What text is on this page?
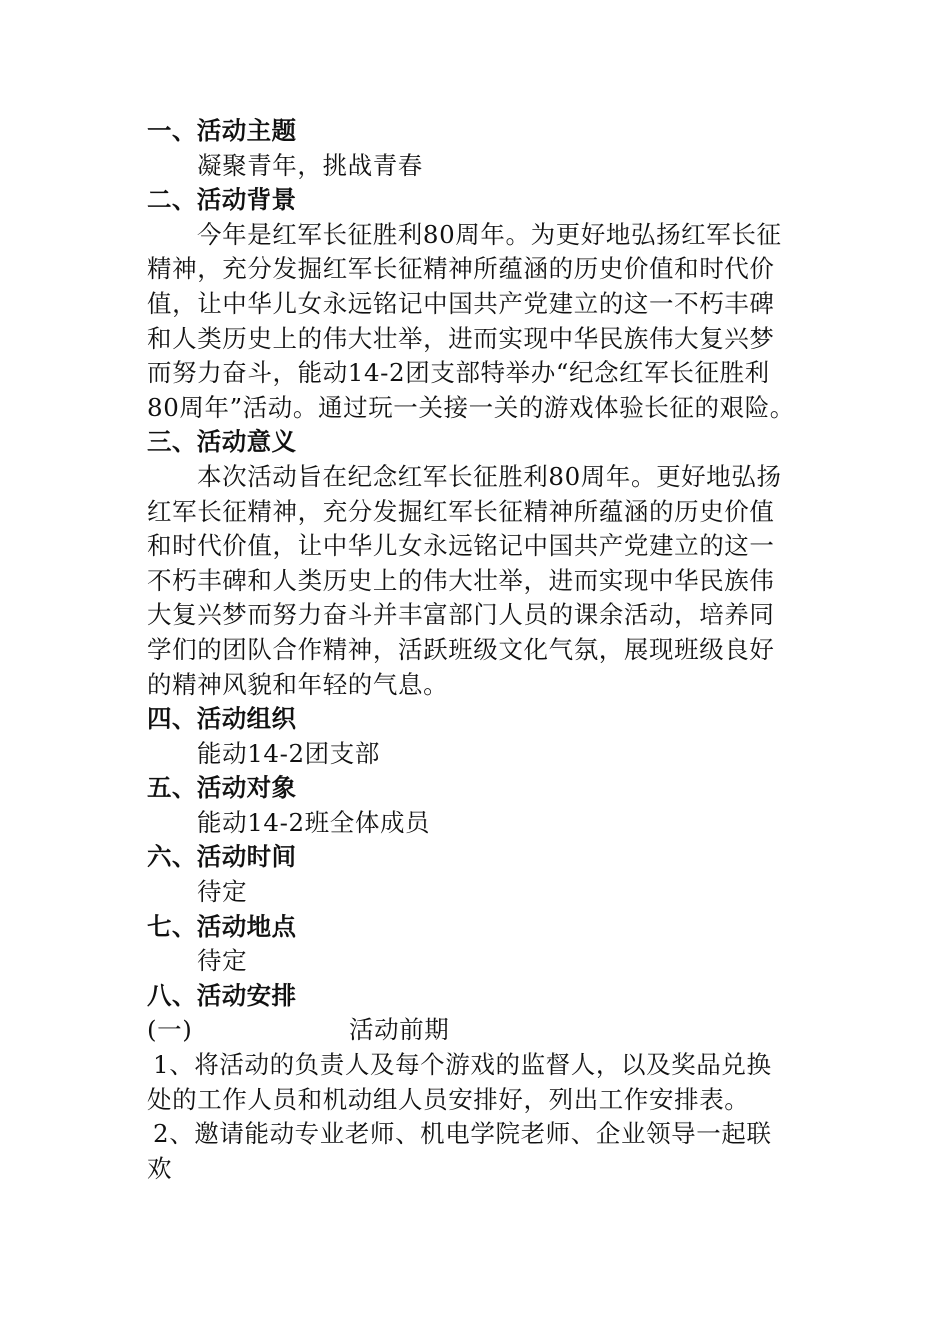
一、活动主题
凝聚青年，挑战青春
二、活动背景
今年是红军长征胜利80周年。为更好地弘扬红军长征
精神，充分发掘红军长征精神所蕴涵的历史价值和时代价
值，让中华儿女永远铭记中国共产党建立的这一不朽丰碑
和人类历史上的伟大壮举，进而实现中华民族伟大复兴梦
而努力奋斗，能动14-2团支部特举办“纪念红军长征胜利
80周年”活动。通过玩一关接一关的游戏体验长征的艰险。
三、活动意义
本次活动旨在纪念红军长征胜利80周年。更好地弘扬
红军长征精神，充分发掘红军长征精神所蕴涵的历史价值
和时代价值，让中华儿女永远铭记中国共产党建立的这一
不朽丰碑和人类历史上的伟大壮举，进而实现中华民族伟
大复兴梦而努力奋斗并丰富部门人员的课余活动，培养同
学们的团队合作精神，活跃班级文化气氛，展现班级良好
的精神风貌和年轻的气息。
四、活动组织
能动14-2团支部
五、活动对象
能动14-2班全体成员
六、活动时间
待定
七、活动地点
待定
八、活动安排
(一)	活动前期
1、将活动的负责人及每个游戏的监督人，以及奖品兑换
处的工作人员和机动组人员安排好，列出工作安排表。
2、邀请能动专业老师、机电学院老师、企业领导一起联
欢
